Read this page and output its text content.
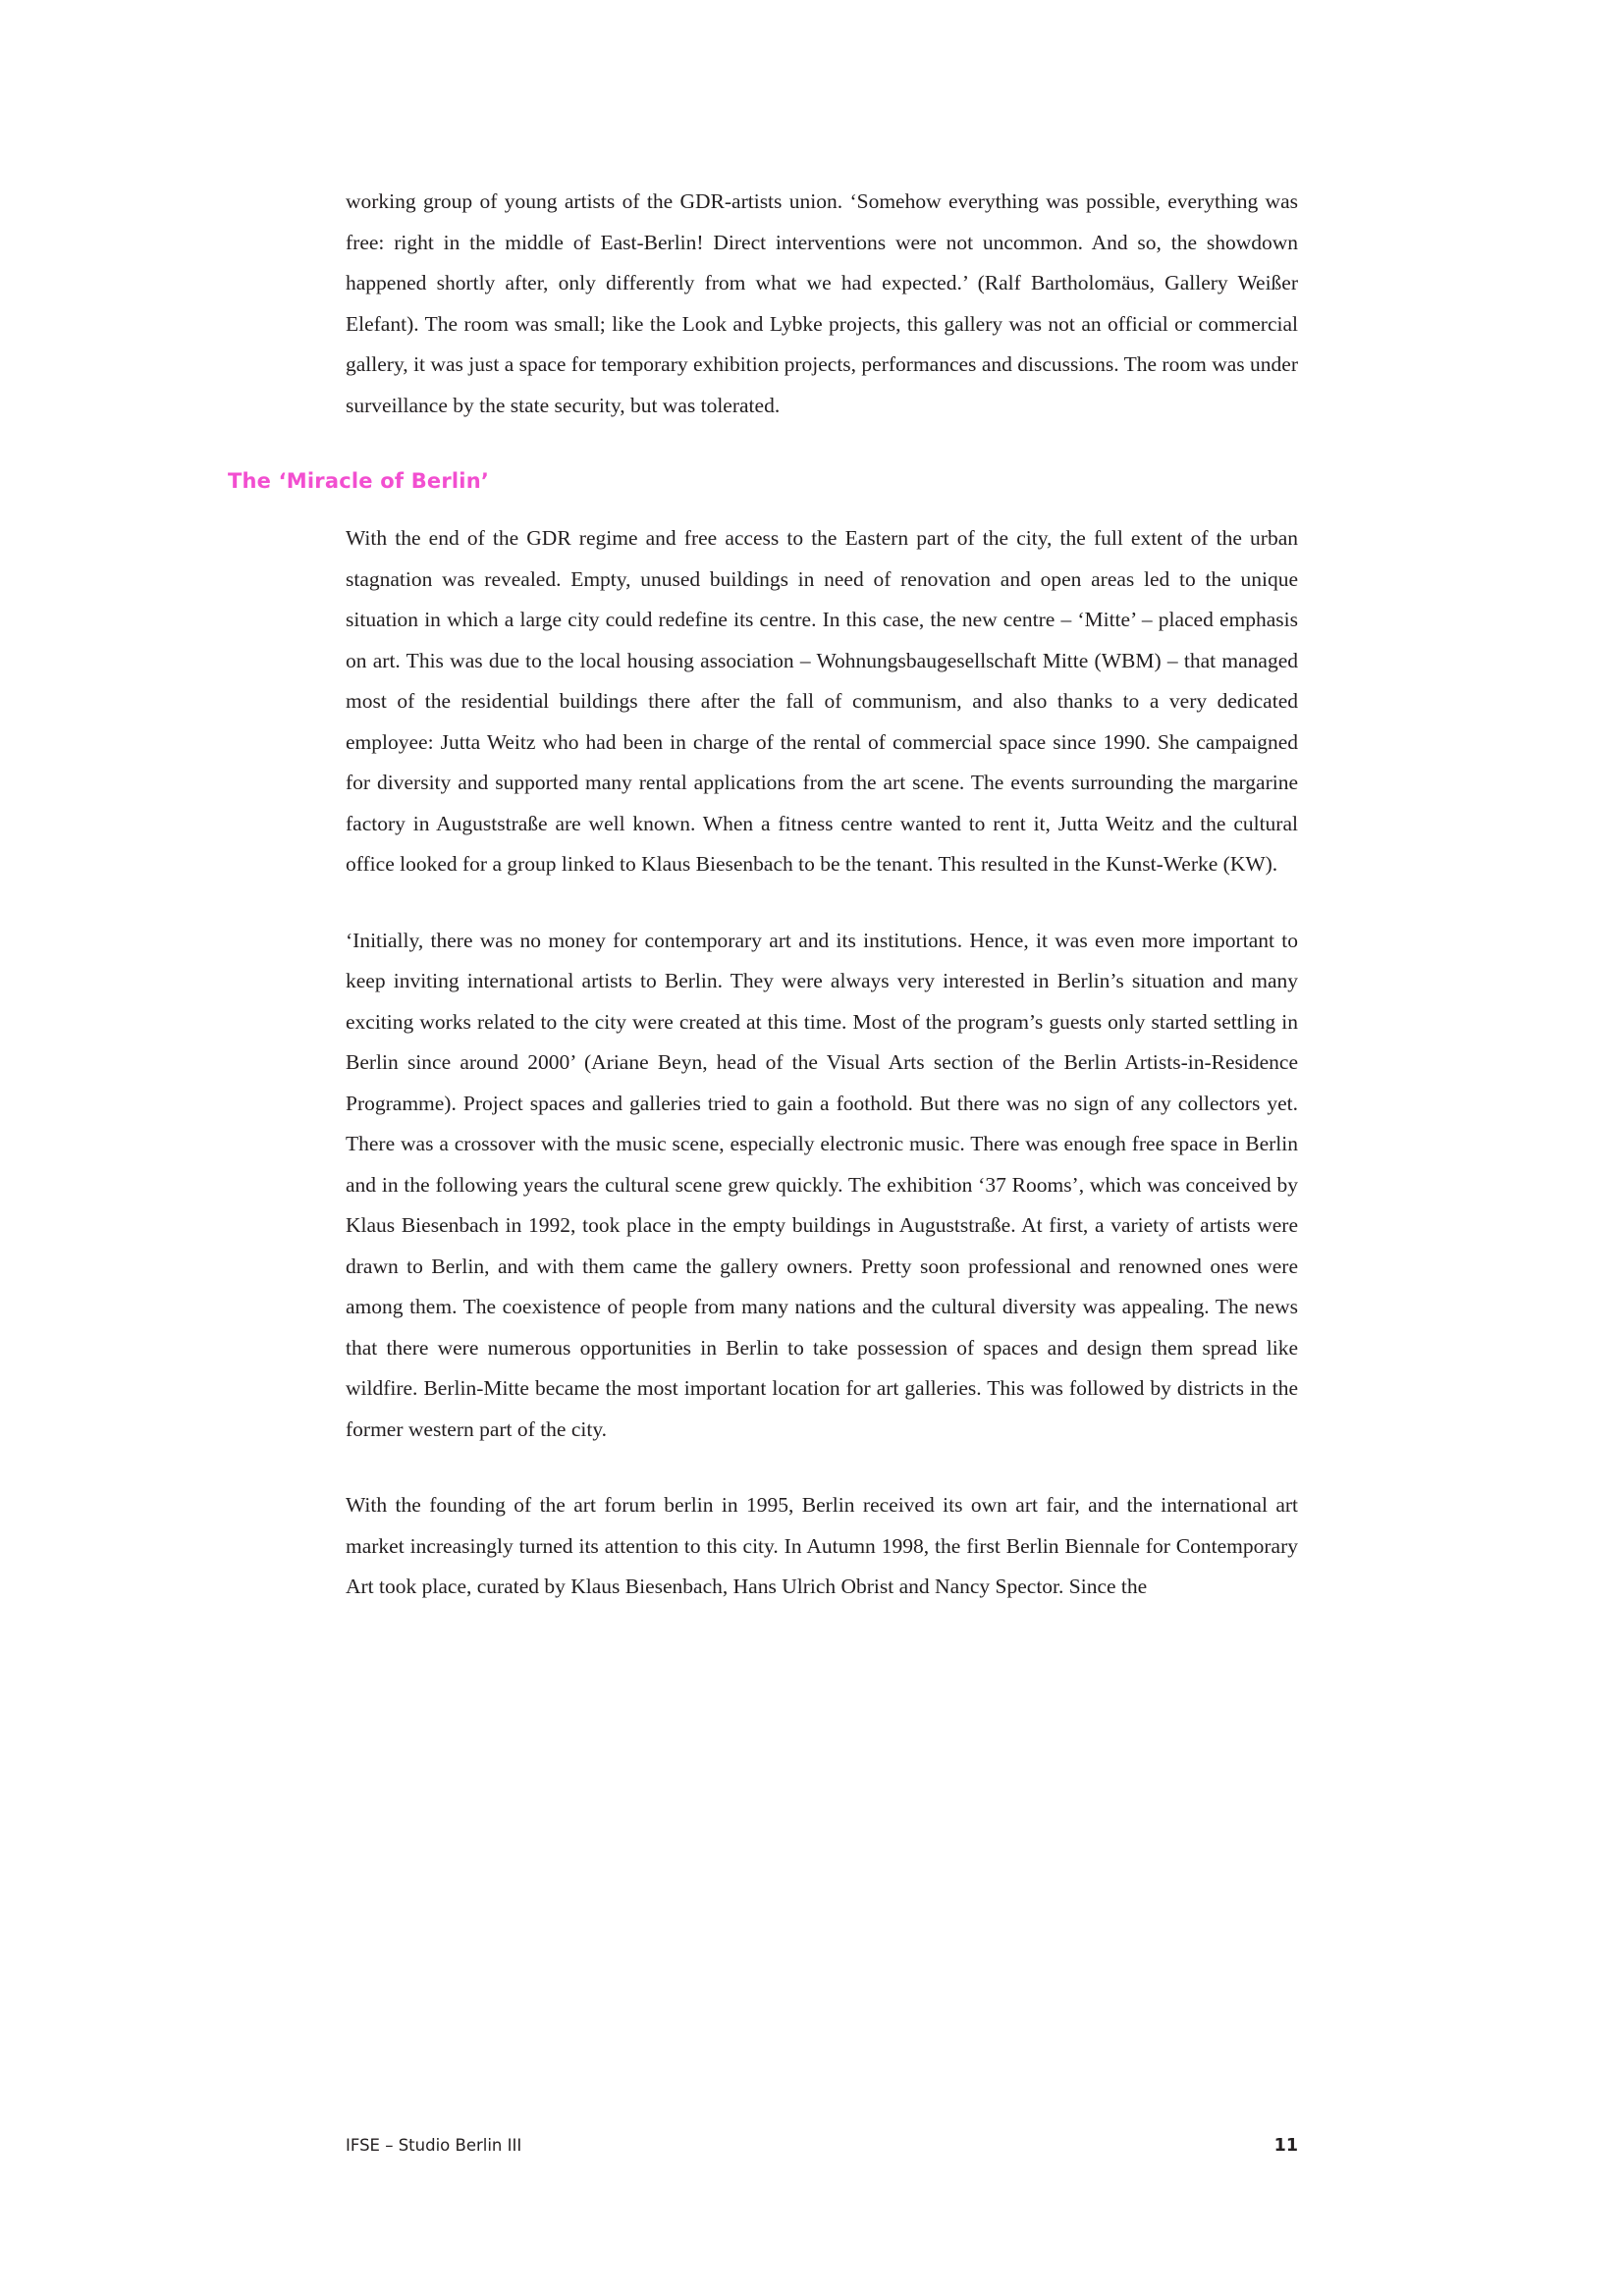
working group of young artists of the GDR-artists union. ‘Somehow everything was possible, everything was free: right in the middle of East-Berlin! Direct interventions were not uncommon. And so, the showdown happened shortly after, only differently from what we had expected.’ (Ralf Bartholomäus, Gallery Weißer Elefant). The room was small; like the Look and Lybke projects, this gallery was not an official or commercial gallery, it was just a space for temporary exhibition projects, performances and discussions. The room was under surveillance by the state security, but was tolerated.

The ‘Miracle of Berlin’

With the end of the GDR regime and free access to the Eastern part of the city, the full extent of the urban stagnation was revealed. Empty, unused buildings in need of renovation and open areas led to the unique situation in which a large city could redefine its centre. In this case, the new centre – ‘Mitte’ – placed emphasis on art. This was due to the local housing association – Wohnungsbaugesellschaft Mitte (WBM) – that managed most of the residential buildings there after the fall of communism, and also thanks to a very dedicated employee: Jutta Weitz who had been in charge of the rental of commercial space since 1990. She campaigned for diversity and supported many rental applications from the art scene. The events surrounding the margarine factory in Auguststraße are well known. When a fitness centre wanted to rent it, Jutta Weitz and the cultural office looked for a group linked to Klaus Biesenbach to be the tenant. This resulted in the Kunst-Werke (KW).

‘Initially, there was no money for contemporary art and its institutions. Hence, it was even more important to keep inviting international artists to Berlin. They were always very interested in Berlin’s situation and many exciting works related to the city were created at this time. Most of the program’s guests only started settling in Berlin since around 2000’ (Ariane Beyn, head of the Visual Arts section of the Berlin Artists-in-Residence Programme). Project spaces and galleries tried to gain a foothold. But there was no sign of any collectors yet. There was a crossover with the music scene, especially electronic music. There was enough free space in Berlin and in the following years the cultural scene grew quickly. The exhibition ‘37 Rooms’, which was conceived by Klaus Biesenbach in 1992, took place in the empty buildings in Auguststraße. At first, a variety of artists were drawn to Berlin, and with them came the gallery owners. Pretty soon professional and renowned ones were among them. The coexistence of people from many nations and the cultural diversity was appealing. The news that there were numerous opportunities in Berlin to take possession of spaces and design them spread like wildfire. Berlin-Mitte became the most important location for art galleries. This was followed by districts in the former western part of the city.

With the founding of the art forum berlin in 1995, Berlin received its own art fair, and the international art market increasingly turned its attention to this city. In Autumn 1998, the first Berlin Biennale for Contemporary Art took place, curated by Klaus Biesenbach, Hans Ulrich Obrist and Nancy Spector. Since the

IFSE – Studio Berlin III	11
